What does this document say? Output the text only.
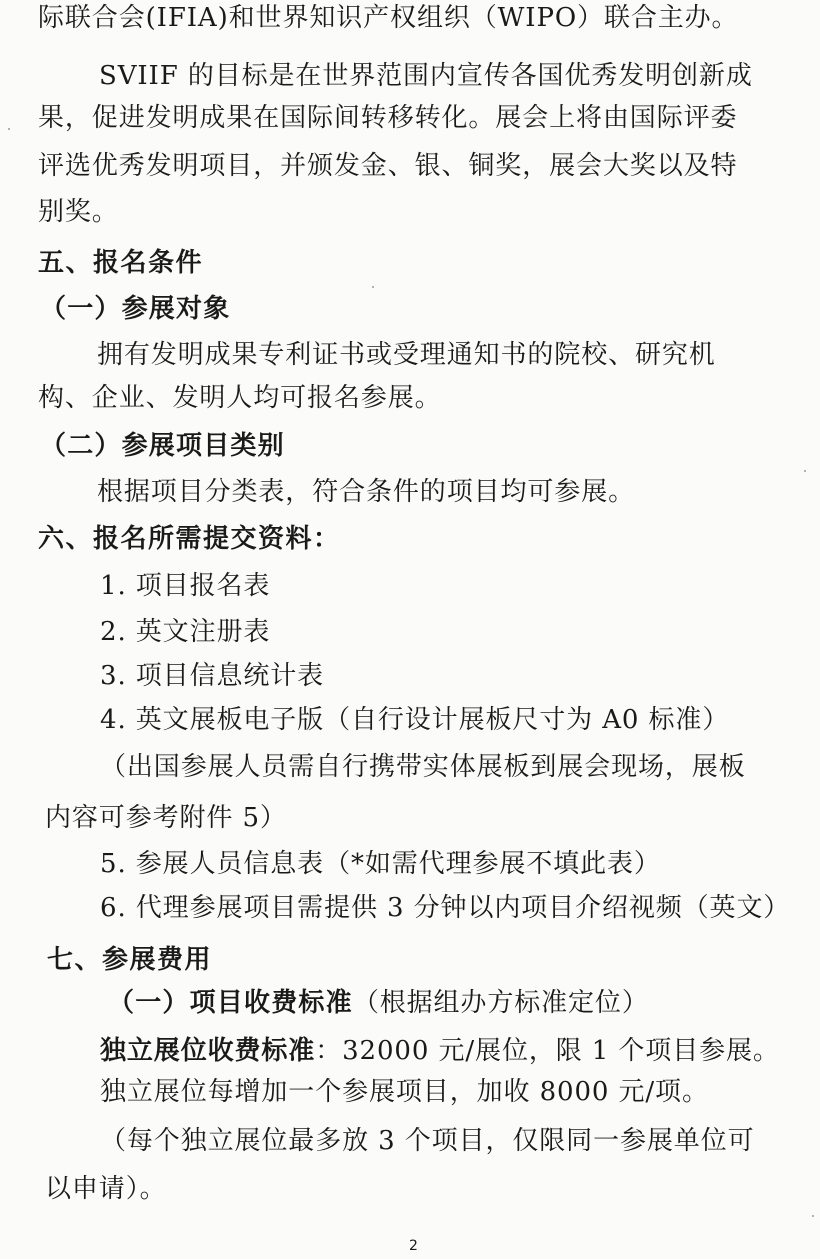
际联合会(IFIA)和世界知识产权组织（WIPO）联合主办。
SVIIF 的目标是在世界范围内宣传各国优秀发明创新成
果，促进发明成果在国际间转移转化。展会上将由国际评委
评选优秀发明项目，并颁发金、银、铜奖，展会大奖以及特
别奖。
五、报名条件
（一）参展对象
拥有发明成果专利证书或受理通知书的院校、研究机
构、企业、发明人均可报名参展。
（二）参展项目类别
根据项目分类表，符合条件的项目均可参展。
六、报名所需提交资料：
1. 项目报名表
2. 英文注册表
3. 项目信息统计表
4. 英文展板电子版（自行设计展板尺寸为 A0 标准）
（出国参展人员需自行携带实体展板到展会现场，展板
内容可参考附件 5）
5. 参展人员信息表（*如需代理参展不填此表）
6. 代理参展项目需提供 3 分钟以内项目介绍视频（英文）
七、参展费用
（一）项目收费标准（根据组办方标准定位）
独立展位收费标准：32000 元/展位，限 1 个项目参展。
独立展位每增加一个参展项目，加收 8000 元/项。
（每个独立展位最多放 3 个项目，仅限同一参展单位可
以申请）。
2
